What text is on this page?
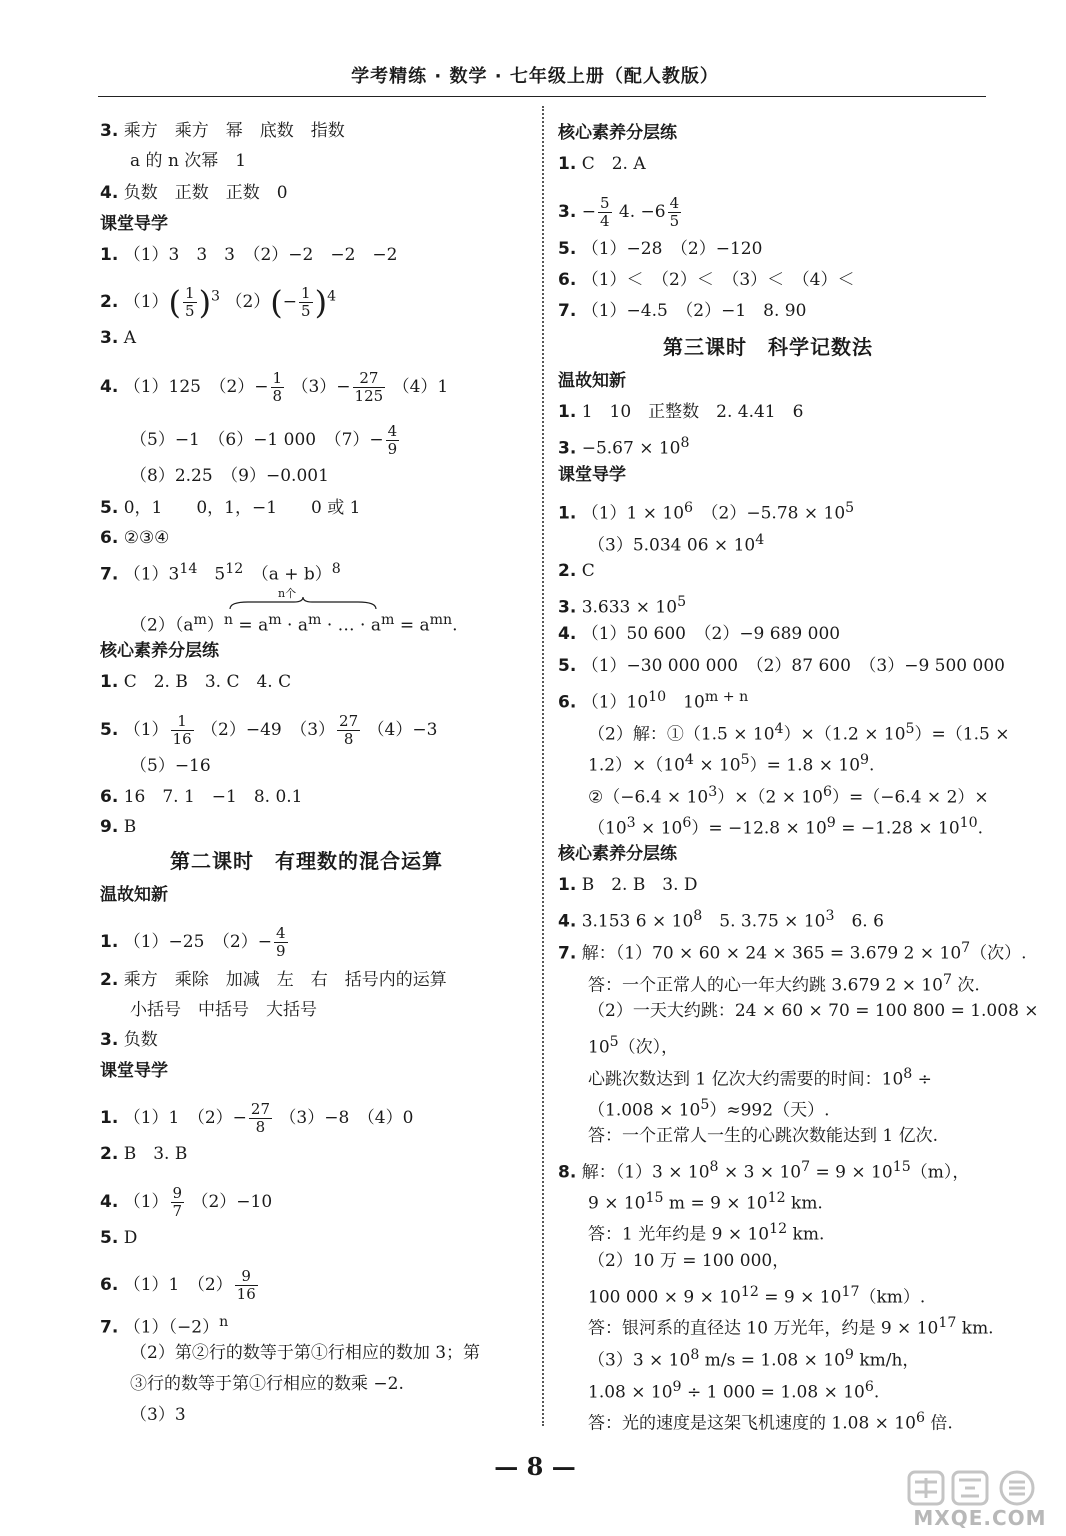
学考精练 · 数学 · 七年级上册（配人教版）
3. 乘方　乘方　幂　底数　指数
a 的 n 次幂　1
4. 负数　正数　正数　0
课堂导学
1. （1）3　3　3　（2）−2　−2　−2
2. $(1)( \frac{1}{5} )^3$ $(2)(- \frac{1}{5} )^4$
3. A
4. （1）125　$(2)- \frac{1}{8} (3)- \frac{27}{125} (4)1$
（5）−1　（6）−1 000　$(7)- \frac{4}{9}$
（8）2.25　（9）−0.001
5. 0，1　　0，1，−1　　0 或 1
6. ②③④
7. $(1)3^{14}$　$5^{12}$　$(a + b)^8$
n个
$(2)(a^m)^n = a^m \cdot a^m$ · … · $a^m = a^{mn}$.
核心素养分层练
1. C　2. B　3. C　4. C
5. $(1) \frac{1}{16} (2)-49$　$(3) \frac{27}{8} (4)-3$
（5）−16
6. 16　7. 1　−1　8. 0.1
9. B
第二课时　有理数的混合运算
温故知新
1. （1）−25　$(2)- \frac{4}{9}$
2. 乘方　乘除　加减　左　右　括号内的运算
小括号　中括号　大括号
3. 负数
课堂导学
1. （1）1　$(2)- \frac{27}{8} (3)-8$　（4）0
2. B　3. B
4. $(1) \frac{9}{7} (2)-10$
5. D
6. （1）1　$(2) \frac{9}{16}$
7. $(1)(-2)^n$
（2）第②行的数等于第①行相应的数加 3；第
③行的数等于第①行相应的数乘 −2.
（3）3
核心素养分层练
1. C　2. A
3. − $\frac{5}{4} 4$. $-6 \frac{4}{5}$
5. （1）−28　（2）−120
6. （1）＜　（2）＜　（3）＜　（4）＜
7. （1）−4.5　（2）−1　8. 90
第三课时　科学记数法
温故知新
1. 1　10　正整数　2. 4.41　6
3. $-5.67 \times 10^8$
课堂导学
1. $(1)1 \times 10^6$　$(2)-5.78 \times 10^5$
（3）5.034 $06 \times 10^4$
2. C
3. $3.633 \times 10^5$
4. （1）50 600　（2）−9 689 000
5. （1）−30 000 000　（2）87 600　（3）−9 500 000
6. $(1)10^{10}$　$10^{m + n}$
（2）解：①（1.5 × $10^4)\times(1.2 \times 10^5)=(1.5$ ×
$1.2)\times(10^4 \times 10^5)= 1.8 \times 10^9$.
②（−6.4 × $10^3)\times(2 \times 10^6)=(-6.4 \times 2)\times$
$(10^3 \times 10^6)= -12.8 \times 10^9 = -1.28 \times 10^{10}$.
核心素养分层练
1. B　2. B　3. D
4. 3.153 $6 \times 10^8$　5. $3.75 \times 10^3$　6. 6
7. 解：（1）70 × 60 × 24 × 365 = 3.679 $2 \times 10^7$（次）.
答：一个正常人的心一年大约跳 3.679 $2 \times 10^7$ 次.
（2）一天大约跳：24 × 60 × 70 = 100 800 = 1.008 ×
$10^5$（次），
心跳次数达到 1 亿次大约需要的时间：$10^8$ ÷
$(1.008 \times 10^5)\approx 992$（天）.
答：一个正常人一生的心跳次数能达到 1 亿次.
8. 解：$(1)3 \times 10^8 \times 3 \times 10^7 = 9 \times 10^{15}(m)$，
$9 \times 10^{15}$ $m = 9 \times 10^{12}$ km.
答：1 光年约是 $9 \times 10^{12}$ km.
（2）10 万 = 100 000，
100 $000 \times 9 \times 10^{12} = 9 \times 10^{17}(km)$.
答：银河系的直径达 10 万光年，约是 $9 \times 10^{17}$ km.
$(3)3 \times 10^8$ $m/s = 1.08 \times 10^9$ km/h，
$1.08 \times 10^9 \div 1$ $000 = 1.08 \times 10^6$.
答：光的速度是这架飞机速度的 $1.08 \times 10^6$ 倍.
— 8 —
MXQE.COM
